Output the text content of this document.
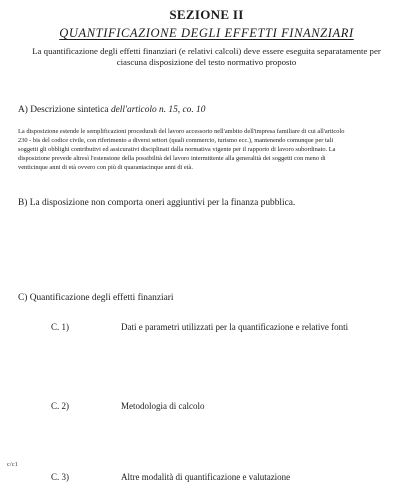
SEZIONE II
QUANTIFICAZIONE DEGLI EFFETTI FINANZIARI
La quantificazione degli effetti finanziari (e relativi calcoli) deve essere eseguita separatamente per
ciascuna disposizione del testo normativo proposto
A) Descrizione sintetica dell'articolo n. 15, co. 10
La disposizione estende le semplificazioni procedurali del lavoro accessorio nell'ambito dell'impresa familiare di cui all'articolo
230 - bis del codice civile, con riferimento a diversi settori (quali commercio, turismo ecc.), mantenendo comunque per tali
soggetti gli obblighi contributivi ed assicurativi disciplinati dalla normativa vigente per il rapporto di lavoro subordinato. La
disposizione prevede altresì l'estensione della possibilità del lavoro intermittente alla generalità dei soggetti con meno di
venticinque anni di età ovvero con più di quarantacinque anni di età.
B) La disposizione non comporta oneri aggiuntivi per la finanza pubblica.
C) Quantificazione degli effetti finanziari
C. 1)	Dati e parametri utilizzati per la quantificazione e relative fonti
C. 2)	Metodologia di calcolo
c/c1
C. 3)	Altre modalità di quantificazione e valutazione
